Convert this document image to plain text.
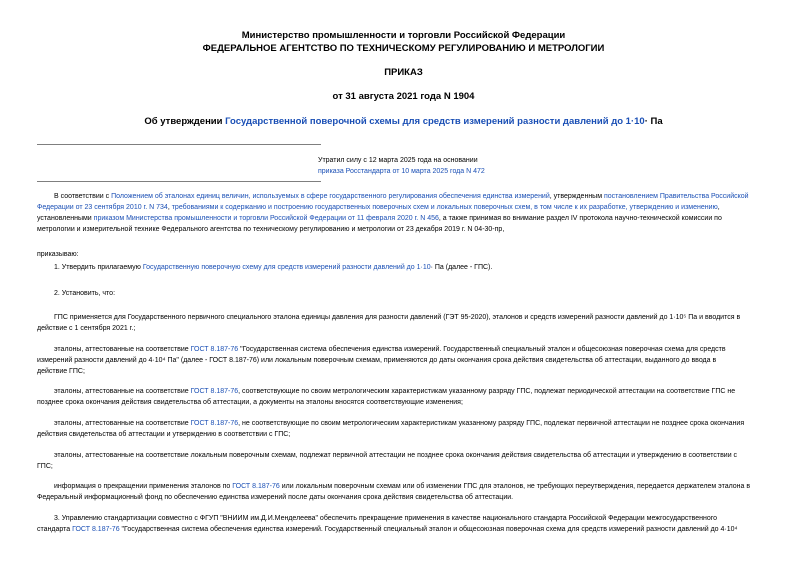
Министерство промышленности и торговли Российской Федерации
ФЕДЕРАЛЬНОЕ АГЕНТСТВО ПО ТЕХНИЧЕСКОМУ РЕГУЛИРОВАНИЮ И МЕТРОЛОГИИ
ПРИКАЗ
от 31 августа 2021 года N 1904
Об утверждении Государственной поверочной схемы для средств измерений разности давлений до 1·10· Па
Утратил силу с 12 марта 2025 года на основании
приказа Росстандарта от 10 марта 2025 года N 472
В соответствии с Положением об эталонах единиц величин, используемых в сфере государственного регулирования обеспечения единства измерений, утвержденным постановлением Правительства Российской
Федерации от 23 сентября 2010 г. N 734, требованиями к содержанию и построению государственных поверочных схем и локальных поверочных схем, в том числе к их разработке, утверждению и изменению,
установленными приказом Министерства промышленности и торговли Российской Федерации от 11 февраля 2020 г. N 456, а также принимая во внимание раздел IV протокола научно-технической комиссии по
метрологии и измерительной технике Федерального агентства по техническому регулированию и метрологии от 23 декабря 2019 г. N 04-30-пр,
приказываю:
1. Утвердить прилагаемую Государственную поверочную схему для средств измерений разности давлений до 1·10· Па (далее - ГПС).
2. Установить, что:
ГПС применяется для Государственного первичного специального эталона единицы давления для разности давлений (ГЭТ 95-2020), эталонов и средств измерений разности давлений до 1·10⁵ Па и вводится в
действие с 1 сентября 2021 г.;
эталоны, аттестованные на соответствие ГОСТ 8.187-76 "Государственная система обеспечения единства измерений. Государственный специальный эталон и общесоюзная поверочная схема для средств
измерений разности давлений до 4·10⁴ Па" (далее - ГОСТ 8.187-76) или локальным поверочным схемам, применяются до даты окончания срока действия свидетельства об аттестации, выданного до ввода в
действие ГПС;
эталоны, аттестованные на соответствие ГОСТ 8.187-76, соответствующие по своим метрологическим характеристикам указанному разряду ГПС, подлежат периодической аттестации на соответствие ГПС не
позднее срока окончания действия свидетельства об аттестации, а документы на эталоны вносятся соответствующие изменения;
эталоны, аттестованные на соответствие ГОСТ 8.187-76, не соответствующие по своим метрологическим характеристикам указанному разряду ГПС, подлежат первичной аттестации не позднее срока окончания
действия свидетельства об аттестации и утверждению в соответствии с ГПС;
эталоны, аттестованные на соответствие локальным поверочным схемам, подлежат первичной аттестации не позднее срока окончания действия свидетельства об аттестации и утверждению в соответствии с
ГПС;
информация о прекращении применения эталонов по ГОСТ 8.187-76 или локальным поверочным схемам или об изменении ГПС для эталонов, не требующих переутверждения, передается держателем эталона в
Федеральный информационный фонд по обеспечению единства измерений после даты окончания срока действия свидетельства об аттестации.
3. Управлению стандартизации совместно с ФГУП "ВНИИМ им.Д.И.Менделеева" обеспечить прекращение применения в качестве национального стандарта Российской Федерации межгосударственного
стандарта ГОСТ 8.187-76 "Государственная система обеспечения единства измерений. Государственный специальный эталон и общесоюзная поверочная схема для средств измерений разности давлений до 4·10⁴
